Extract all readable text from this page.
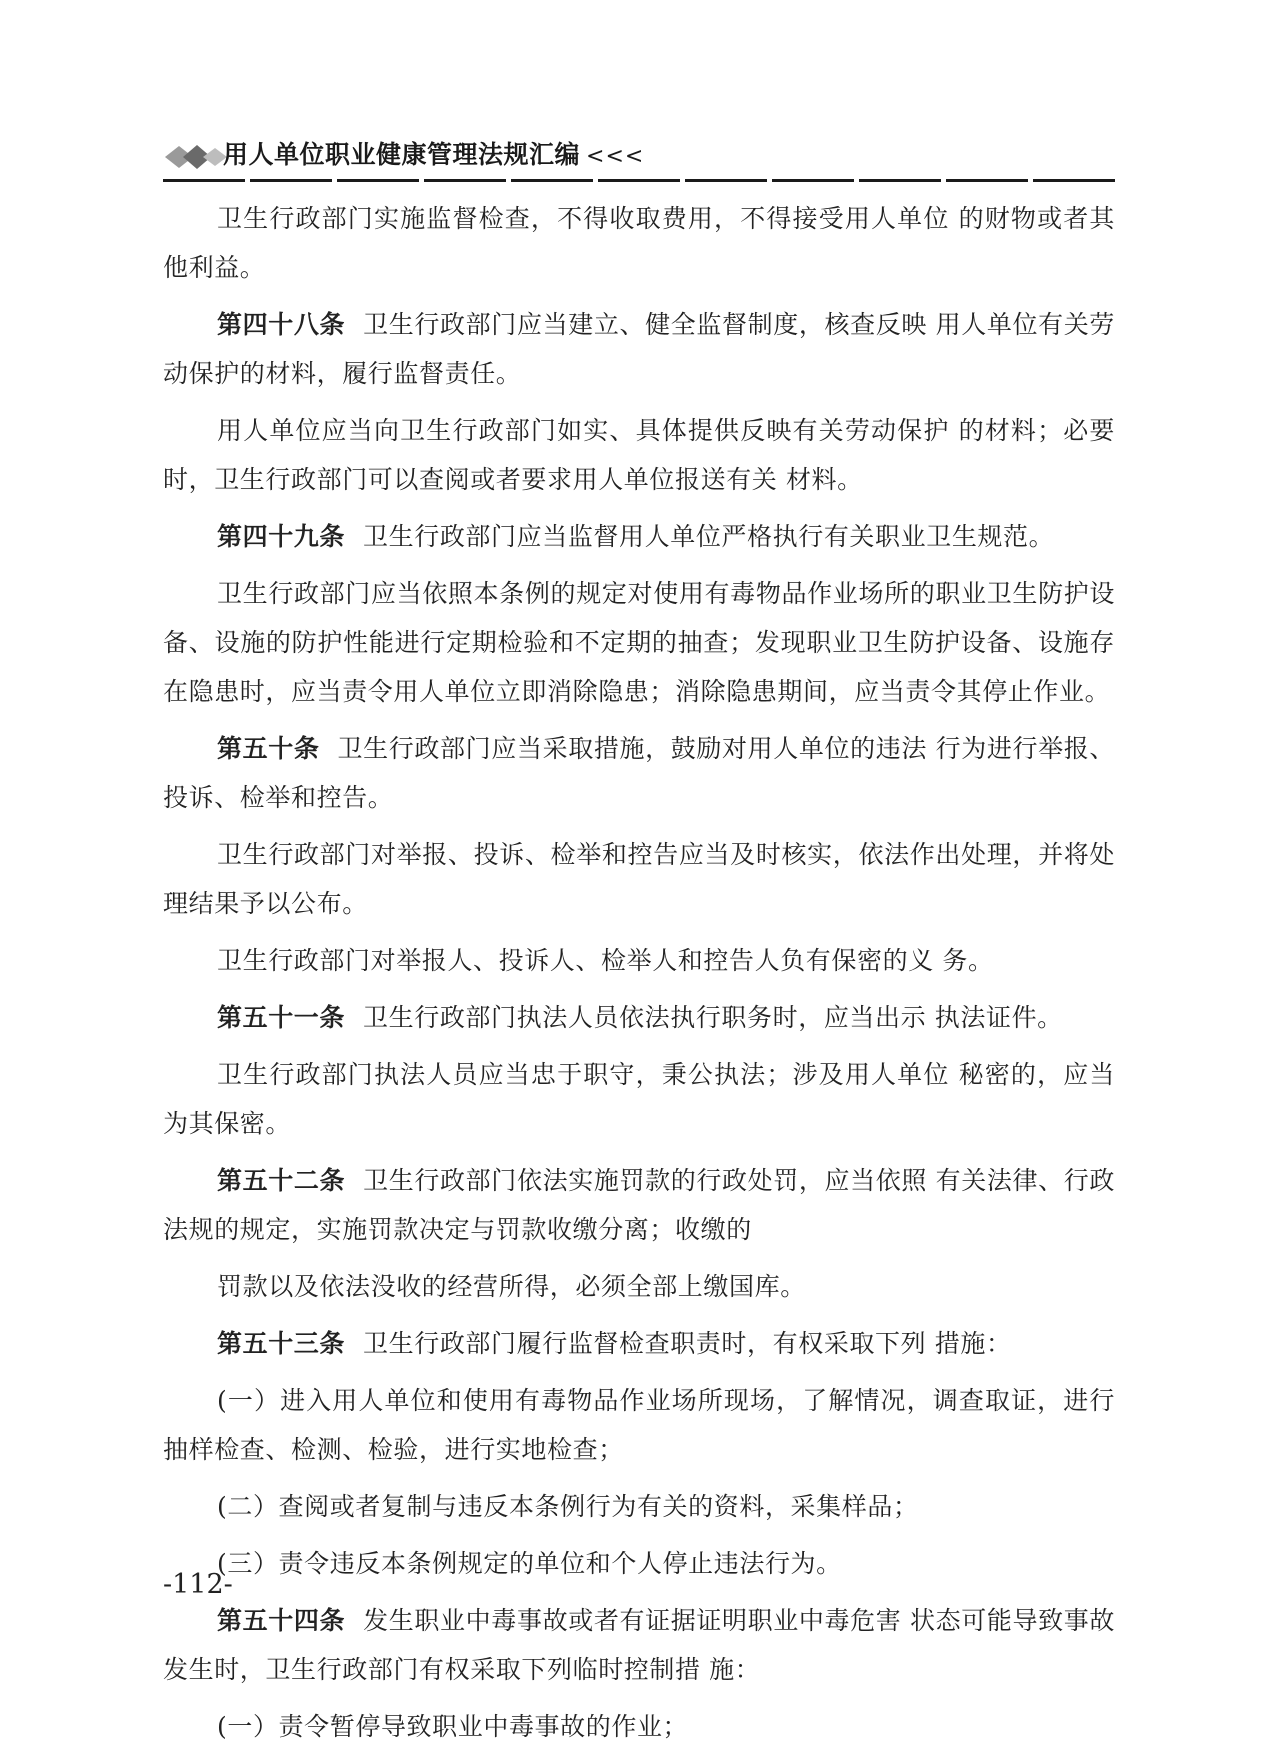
用人单位职业健康管理法规汇编 <<<

卫生行政部门实施监督检查，不得收取费用，不得接受用人单位 的财物或者其他利益。

第四十八条 卫生行政部门应当建立、健全监督制度，核查反映 用人单位有关劳动保护的材料，履行监督责任。

用人单位应当向卫生行政部门如实、具体提供反映有关劳动保护 的材料；必要时，卫生行政部门可以查阅或者要求用人单位报送有关 材料。

第四十九条 卫生行政部门应当监督用人单位严格执行有关职业卫生规范。

卫生行政部门应当依照本条例的规定对使用有毒物品作业场所的职业卫生防护设备、设施的防护性能进行定期检验和不定期的抽查；发现职业卫生防护设备、设施存在隐患时，应当责令用人单位立即消除隐患；消除隐患期间，应当责令其停止作业。

第五十条 卫生行政部门应当采取措施，鼓励对用人单位的违法 行为进行举报、投诉、检举和控告。

卫生行政部门对举报、投诉、检举和控告应当及时核实，依法作出处理，并将处理结果予以公布。

卫生行政部门对举报人、投诉人、检举人和控告人负有保密的义 务。

第五十一条 卫生行政部门执法人员依法执行职务时，应当出示 执法证件。

卫生行政部门执法人员应当忠于职守，秉公执法；涉及用人单位 秘密的，应当为其保密。

第五十二条 卫生行政部门依法实施罚款的行政处罚，应当依照 有关法律、行政法规的规定，实施罚款决定与罚款收缴分离；收缴的

罚款以及依法没收的经营所得，必须全部上缴国库。

第五十三条 卫生行政部门履行监督检查职责时，有权采取下列 措施：

(一）进入用人单位和使用有毒物品作业场所现场，了解情况，调查取证，进行抽样检查、检测、检验，进行实地检查；

(二）查阅或者复制与违反本条例行为有关的资料，采集样品；

(三）责令违反本条例规定的单位和个人停止违法行为。

第五十四条 发生职业中毒事故或者有证据证明职业中毒危害 状态可能导致事故发生时，卫生行政部门有权采取下列临时控制措 施：

(一）责令暂停导致职业中毒事故的作业；

-112-
